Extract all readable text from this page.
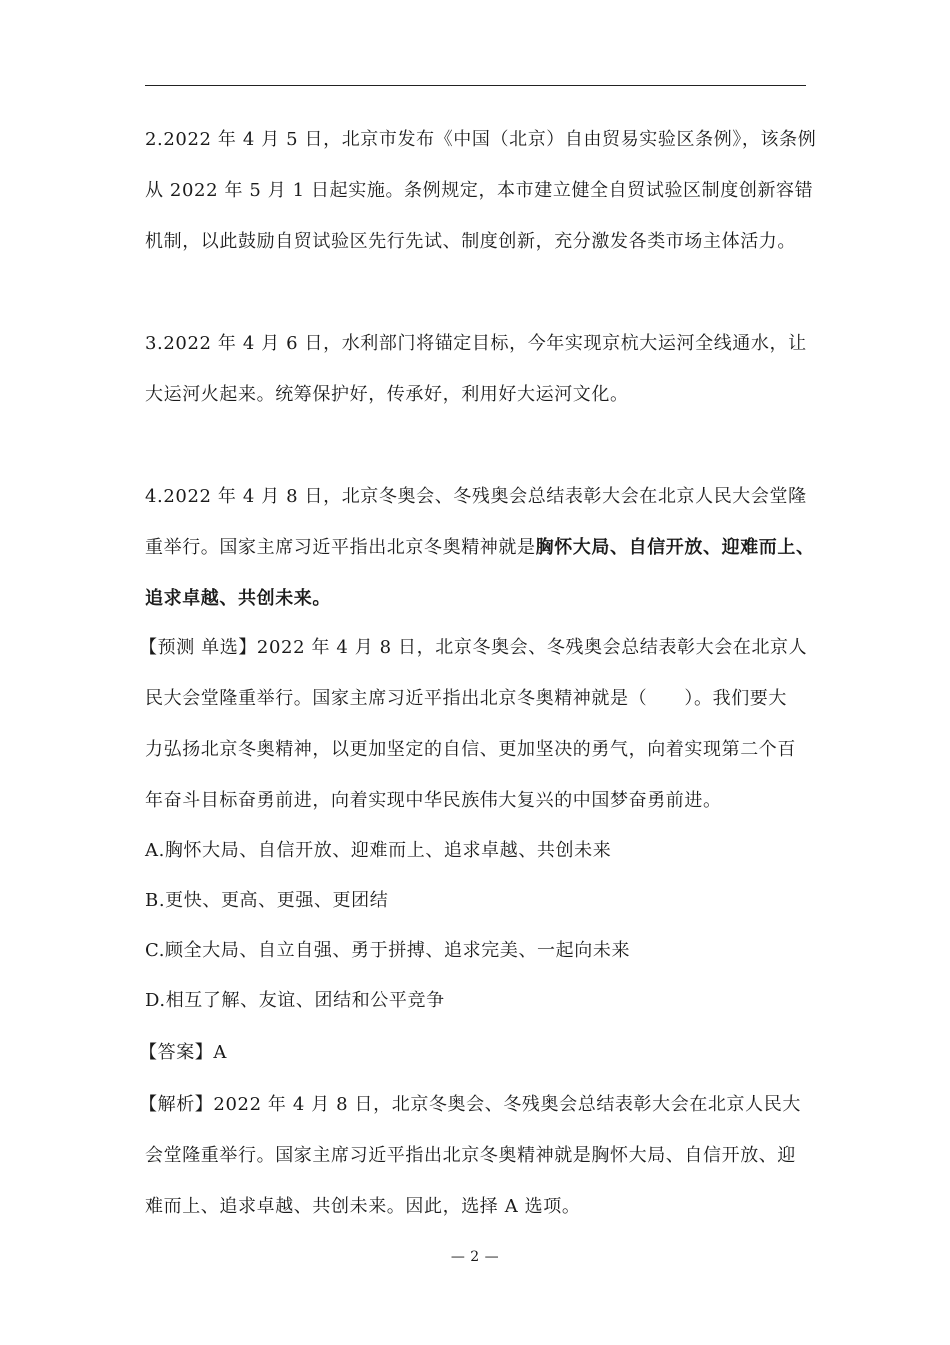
2.2022 年 4 月 5 日，北京市发布《中国（北京）自由贸易实验区条例》，该条例
从 2022 年 5 月 1 日起实施。条例规定，本市建立健全自贸试验区制度创新容错
机制，以此鼓励自贸试验区先行先试、制度创新，充分激发各类市场主体活力。
3.2022 年 4 月 6 日，水利部门将锚定目标，今年实现京杭大运河全线通水，让
大运河火起来。统筹保护好，传承好，利用好大运河文化。
4.2022 年 4 月 8 日，北京冬奥会、冬残奥会总结表彰大会在北京人民大会堂隆
重举行。国家主席习近平指出北京冬奥精神就是胸怀大局、自信开放、迎难而上、
追求卓越、共创未来。
【预测 单选】2022 年 4 月 8 日，北京冬奥会、冬残奥会总结表彰大会在北京人
民大会堂隆重举行。国家主席习近平指出北京冬奥精神就是（　　）。我们要大
力弘扬北京冬奥精神，以更加坚定的自信、更加坚决的勇气，向着实现第二个百
年奋斗目标奋勇前进，向着实现中华民族伟大复兴的中国梦奋勇前进。
A.胸怀大局、自信开放、迎难而上、追求卓越、共创未来
B.更快、更高、更强、更团结
C.顾全大局、自立自强、勇于拼搏、追求完美、一起向未来
D.相互了解、友谊、团结和公平竞争
【答案】A
【解析】2022 年 4 月 8 日，北京冬奥会、冬残奥会总结表彰大会在北京人民大
会堂隆重举行。国家主席习近平指出北京冬奥精神就是胸怀大局、自信开放、迎
难而上、追求卓越、共创未来。因此，选择 A 选项。
— 2 —
